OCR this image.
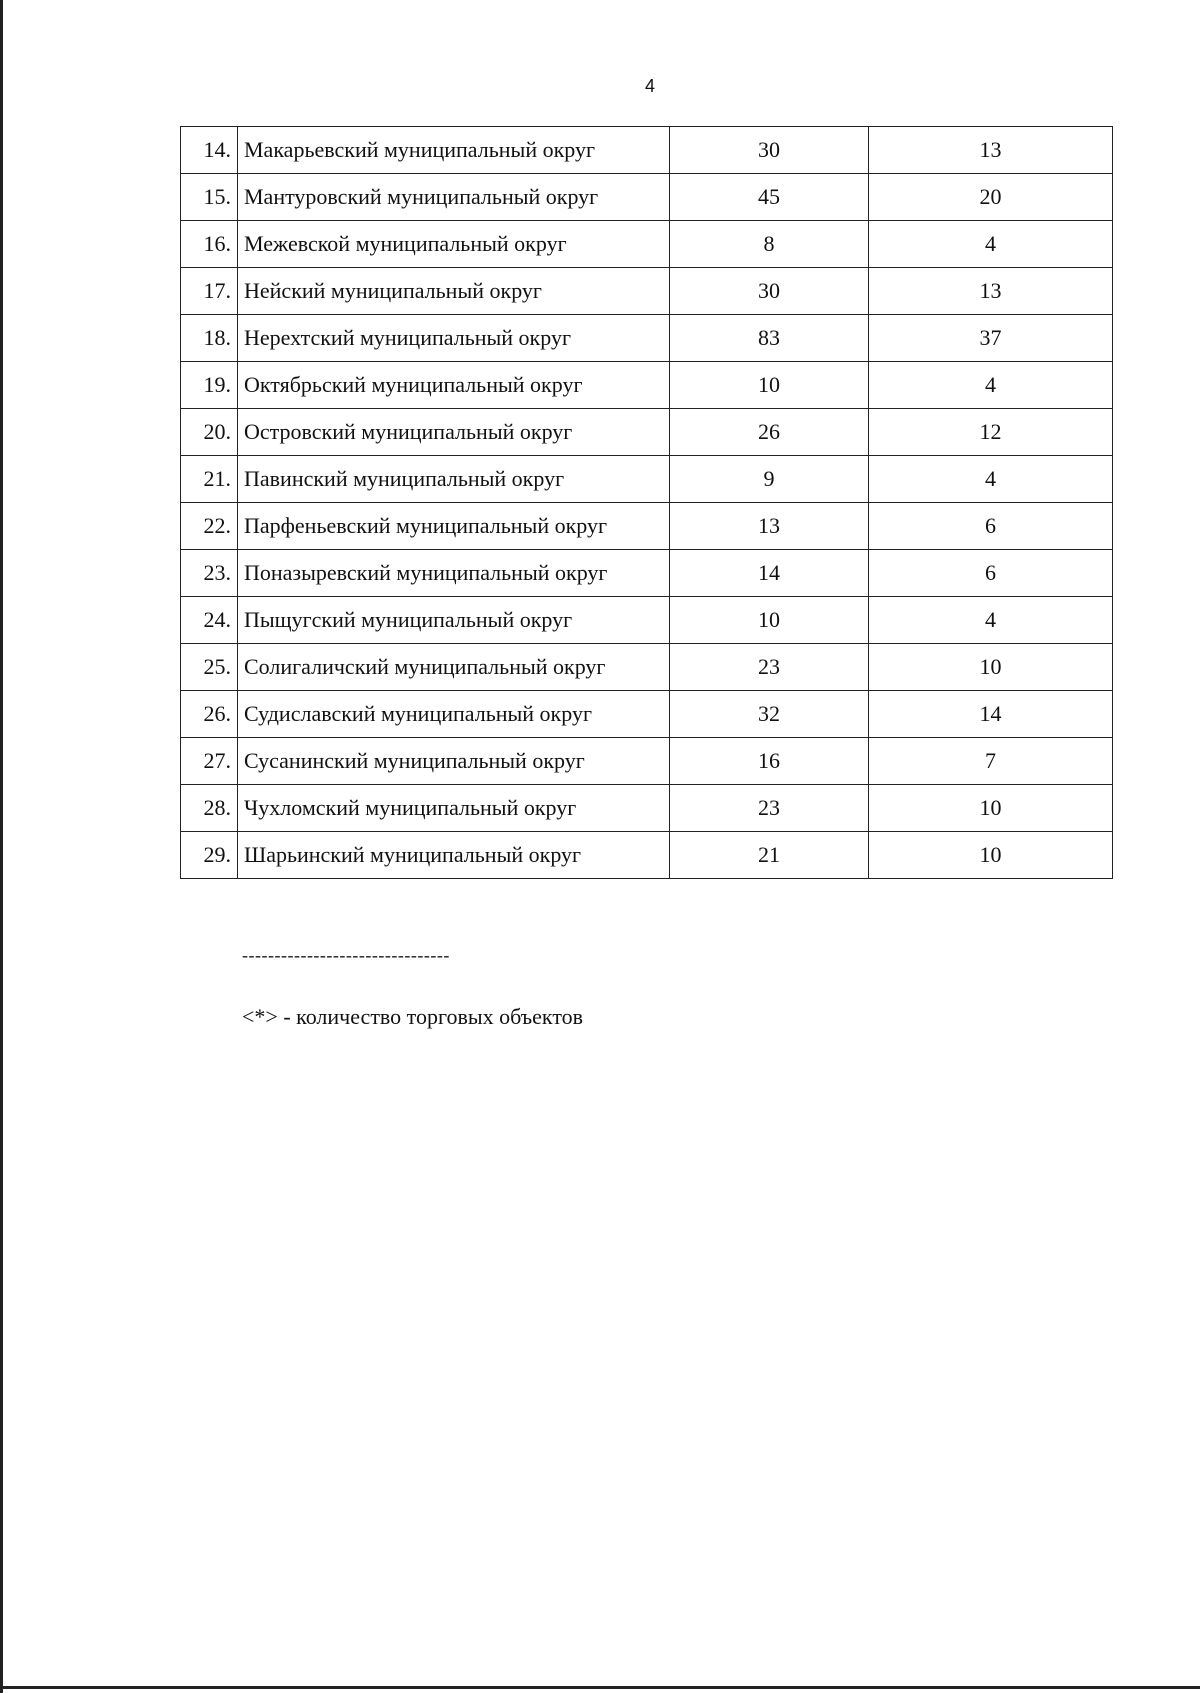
4
14.	Макарьевский муниципальный округ	30	13
15.	Мантуровский муниципальный округ	45	20
16.	Межевской муниципальный округ	8	4
17.	Нейский муниципальный округ	30	13
18.	Нерехтский муниципальный округ	83	37
19.	Октябрьский муниципальный округ	10	4
20.	Островский муниципальный округ	26	12
21.	Павинский муниципальный округ	9	4
22.	Парфеньевский муниципальный округ	13	6
23.	Поназыревский муниципальный округ	14	6
24.	Пыщугский муниципальный округ	10	4
25.	Солигаличский муниципальный округ	23	10
26.	Судиславский муниципальный округ	32	14
27.	Сусанинский муниципальный округ	16	7
28.	Чухломский муниципальный округ	23	10
29.	Шарьинский муниципальный округ	21	10
--------------------------------
<*> - количество торговых объектов
